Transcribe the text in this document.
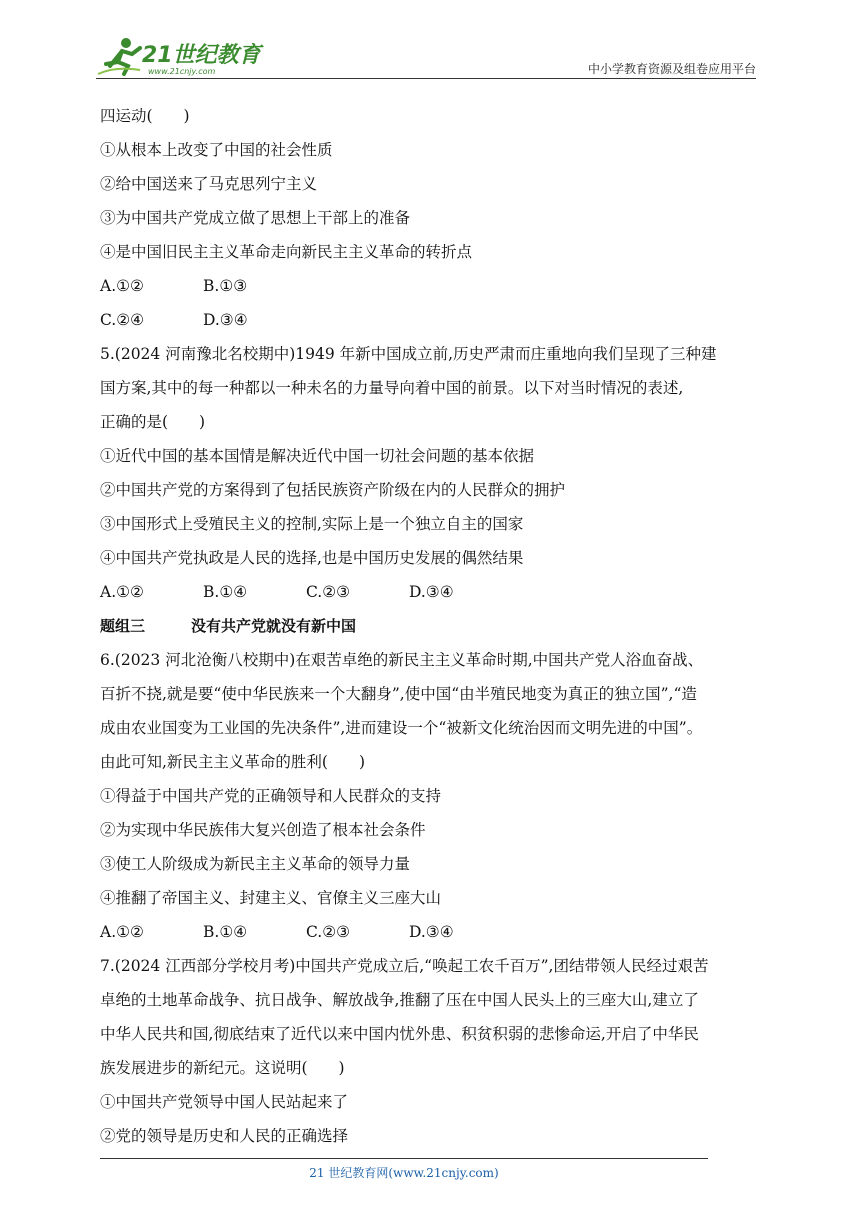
21世纪教育
www.21cnjy.com	中小学教育资源及组卷应用平台
四运动(　　)
①从根本上改变了中国的社会性质
②给中国送来了马克思列宁主义
③为中国共产党成立做了思想上干部上的准备
④是中国旧民主主义革命走向新民主主义革命的转折点
A.①②	B.①③
C.②④	D.③④
5.(2024 河南豫北名校期中)1949 年新中国成立前,历史严肃而庄重地向我们呈现了三种建
国方案,其中的每一种都以一种未名的力量导向着中国的前景。以下对当时情况的表述,
正确的是(　　)
①近代中国的基本国情是解决近代中国一切社会问题的基本依据
②中国共产党的方案得到了包括民族资产阶级在内的人民群众的拥护
③中国形式上受殖民主义的控制,实际上是一个独立自主的国家
④中国共产党执政是人民的选择,也是中国历史发展的偶然结果
A.①②	B.①④	C.②③	D.③④
题组三	没有共产党就没有新中国
6.(2023 河北沧衡八校期中)在艰苦卓绝的新民主主义革命时期,中国共产党人浴血奋战、
百折不挠,就是要“使中华民族来一个大翻身”,使中国“由半殖民地变为真正的独立国”,“造
成由农业国变为工业国的先决条件”,进而建设一个“被新文化统治因而文明先进的中国”。
由此可知,新民主主义革命的胜利(　　)
①得益于中国共产党的正确领导和人民群众的支持
②为实现中华民族伟大复兴创造了根本社会条件
③使工人阶级成为新民主主义革命的领导力量
④推翻了帝国主义、封建主义、官僚主义三座大山
A.①②	B.①④	C.②③	D.③④
7.(2024 江西部分学校月考)中国共产党成立后,“唤起工农千百万”,团结带领人民经过艰苦
卓绝的土地革命战争、抗日战争、解放战争,推翻了压在中国人民头上的三座大山,建立了
中华人民共和国,彻底结束了近代以来中国内忧外患、积贫积弱的悲惨命运,开启了中华民
族发展进步的新纪元。这说明(　　)
①中国共产党领导中国人民站起来了
②党的领导是历史和人民的正确选择
21 世纪教育网(www.21cnjy.com)
